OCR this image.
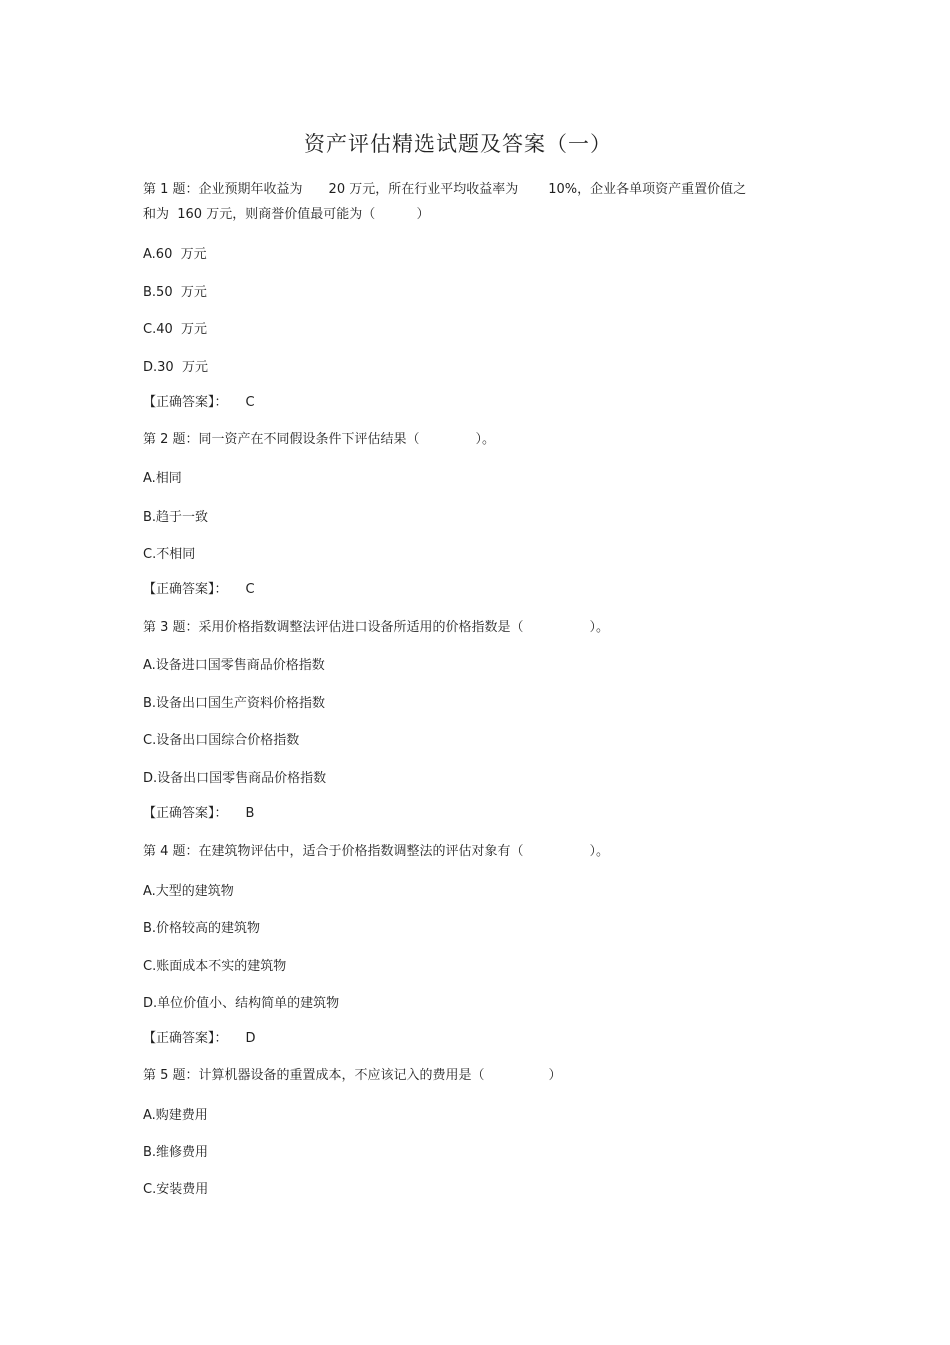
资产评估精选试题及答案（一）
第 1 题：企业预期年收益为 20 万元，所在行业平均收益率为 10%，企业各单项资产重置价值之
和为  160 万元，则商誉价值最可能为（          ）
A.60  万元
B.50  万元
C.40  万元
D.30  万元
【正确答案】： C
第 2 题：同一资产在不同假设条件下评估结果（	）。
A.相同
B.趋于一致
C.不相同
【正确答案】： C
第 3 题：采用价格指数调整法评估进口设备所适用的价格指数是（	）。
A.设备进口国零售商品价格指数
B.设备出口国生产资料价格指数
C.设备出口国综合价格指数
D.设备出口国零售商品价格指数
【正确答案】： B
第 4 题：在建筑物评估中，适合于价格指数调整法的评估对象有（	）。
A.大型的建筑物
B.价格较高的建筑物
C.账面成本不实的建筑物
D.单位价值小、结构简单的建筑物
【正确答案】： D
第 5 题：计算机器设备的重置成本，不应该记入的费用是（	）
A.购建费用
B.维修费用
C.安装费用
